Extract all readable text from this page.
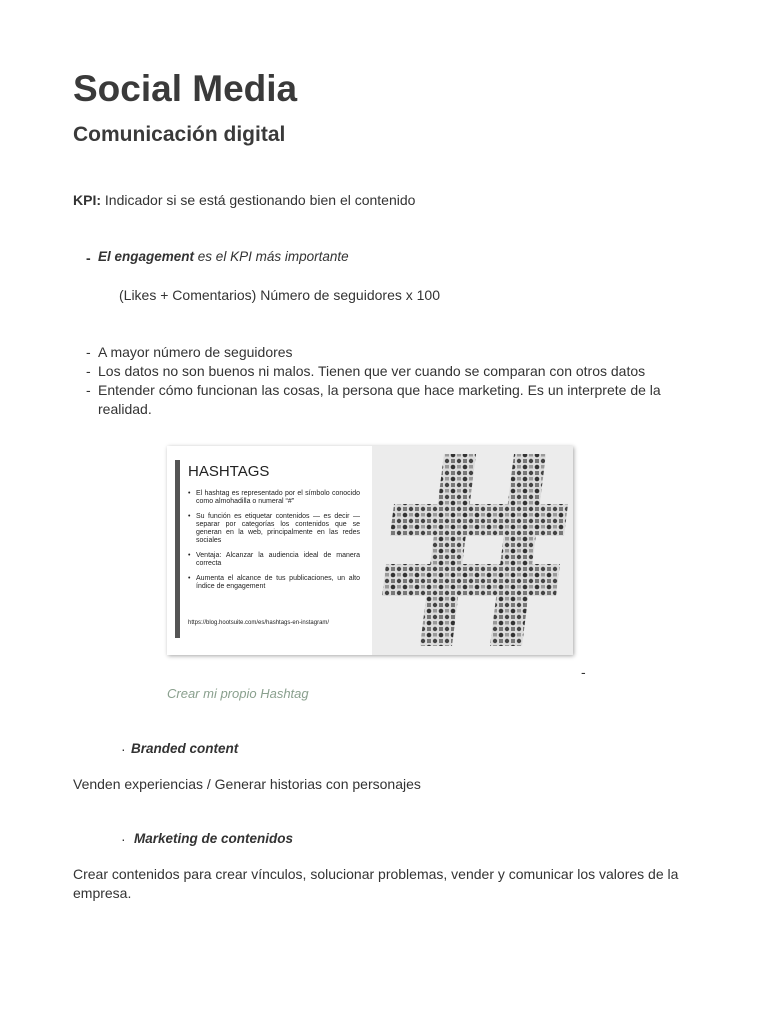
Social Media
Comunicación digital

KPI: Indicador si se está gestionando bien el contenido

- El engagement es el KPI más importante

(Likes + Comentarios) Número de seguidores x 100

- A mayor número de seguidores

- Los datos no son buenos ni malos. Tienen que ver cuando se comparan con otros datos

- Entender cómo funcionan las cosas, la persona que hace marketing. Es un interprete de la realidad.

HASHTAGS
• El hashtag es representado por el símbolo conocido como almohadilla o numeral “#”
• Su función es etiquetar contenidos — es decir — separar por categorías los contenidos que se generan en la web, principalmente en las redes sociales
• Ventaja: Alcanzar la audiencia ideal de manera correcta
• Aumenta el alcance de tus publicaciones, un alto índice de engagement
https://blog.hootsuite.com/es/hashtags-en-instagram/
-

Crear mi propio Hashtag

· Branded content

Venden experiencias / Generar historias con personajes

· Marketing de contenidos

Crear contenidos para crear vínculos, solucionar problemas, vender y comunicar los valores de la empresa.
